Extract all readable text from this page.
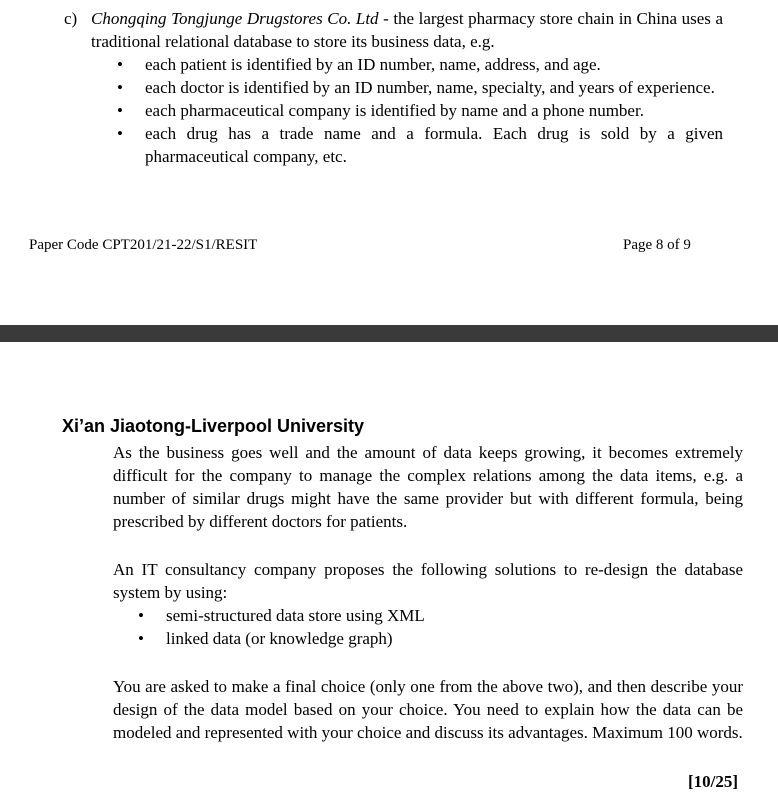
c) Chongqing Tongjunge Drugstores Co. Ltd - the largest pharmacy store chain in China uses a traditional relational database to store its business data, e.g.
• each patient is identified by an ID number, name, address, and age.
• each doctor is identified by an ID number, name, specialty, and years of experience.
• each pharmaceutical company is identified by name and a phone number.
• each drug has a trade name and a formula. Each drug is sold by a given pharmaceutical company, etc.
Paper Code CPT201/21-22/S1/RESIT	Page 8 of 9
Xi’an Jiaotong-Liverpool University
As the business goes well and the amount of data keeps growing, it becomes extremely difficult for the company to manage the complex relations among the data items, e.g. a number of similar drugs might have the same provider but with different formula, being prescribed by different doctors for patients.
An IT consultancy company proposes the following solutions to re-design the database system by using:
• semi-structured data store using XML
• linked data (or knowledge graph)
You are asked to make a final choice (only one from the above two), and then describe your design of the data model based on your choice. You need to explain how the data can be modeled and represented with your choice and discuss its advantages. Maximum 100 words.
[10/25]
